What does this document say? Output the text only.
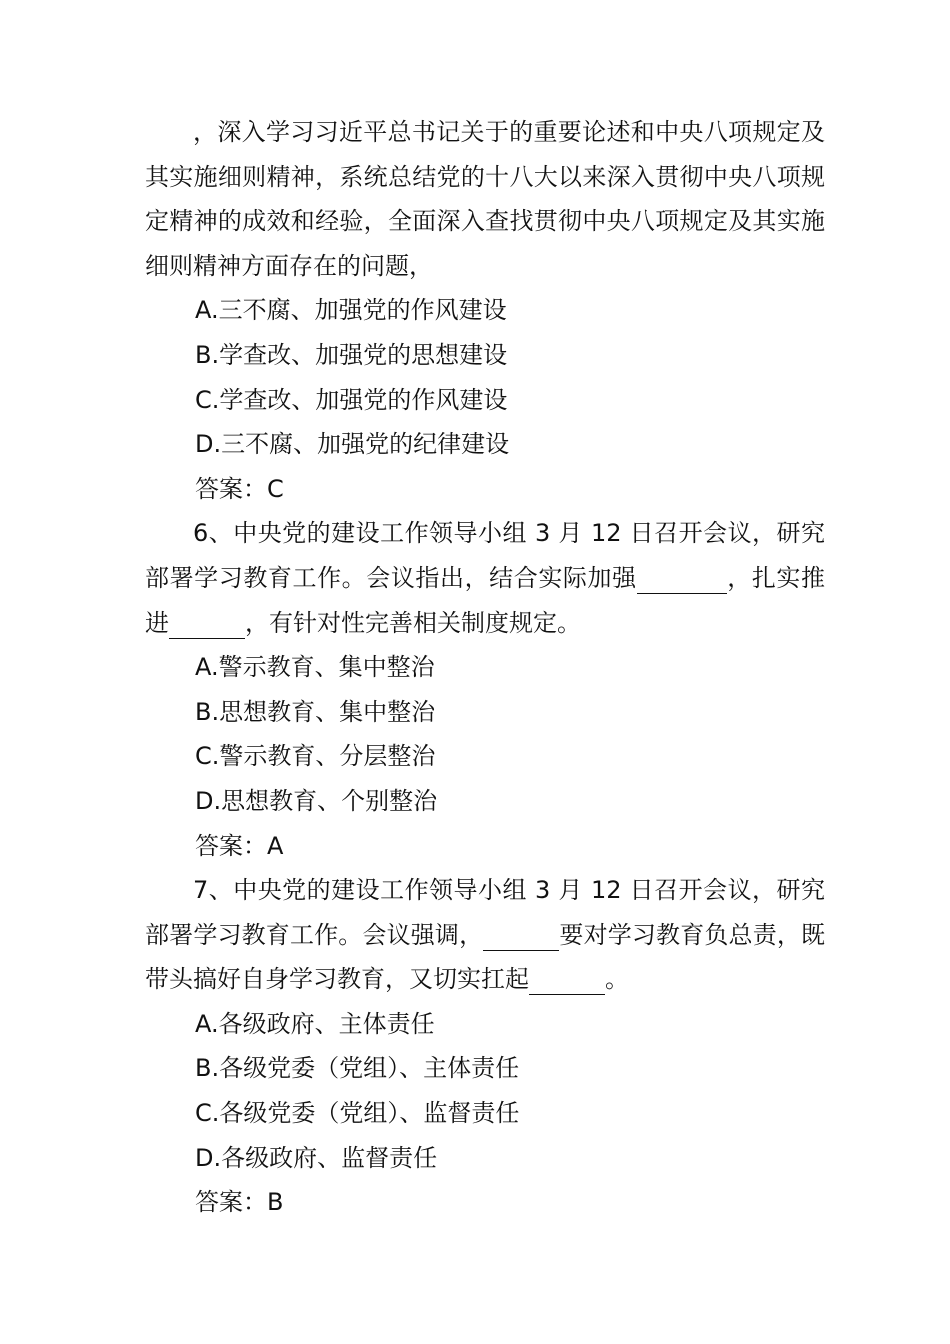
，深入学习习近平总书记关于的重要论述和中央八项规定及其实施细则精神，系统总结党的十八大以来深入贯彻中央八项规定精神的成效和经验，全面深入查找贯彻中央八项规定及其实施细则精神方面存在的问题，

A.三不腐、加强党的作风建设

B.学查改、加强党的思想建设

C.学查改、加强党的作风建设

D.三不腐、加强党的纪律建设

答案：C

6、中央党的建设工作领导小组 3 月 12 日召开会议，研究部署学习教育工作。会议指出，结合实际加强	，扎实推进	，有针对性完善相关制度规定。

A.警示教育、集中整治

B.思想教育、集中整治

C.警示教育、分层整治

D.思想教育、个别整治

答案：A

7、中央党的建设工作领导小组 3 月 12 日召开会议，研究部署学习教育工作。会议强调，	要对学习教育负总责，既带头搞好自身学习教育，又切实扛起	。

A.各级政府、主体责任

B.各级党委（党组）、主体责任

C.各级党委（党组）、监督责任

D.各级政府、监督责任

答案：B
